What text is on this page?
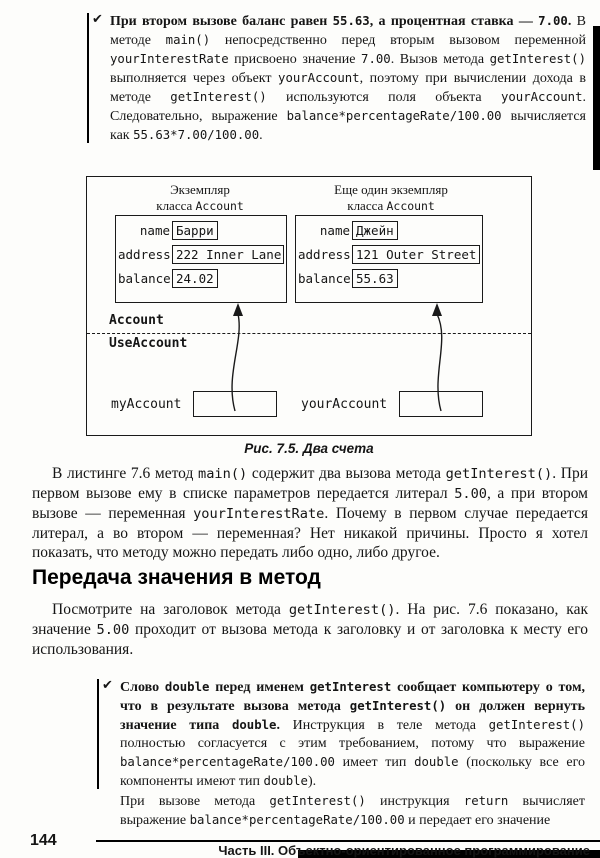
✔ При втором вызове баланс равен 55.63, а процентная ставка — 7.00. В методе main() непосредственно перед вторым вызовом переменной yourInterestRate присвоено значение 7.00. Вызов метода getInterest() выполняется через объект yourAccount, поэтому при вычислении дохода в методе getInterest() используются поля объекта yourAccount. Следовательно, выражение balance*percentageRate/100.00 вычисляется как 55.63*7.00/100.00.
Экземпляр
класса Account
Еще один экземпляр
класса Account
name Барри
address 222 Inner Lane
balance 24.02
name Джейн
address 121 Outer Street
balance 55.63
Account
UseAccount
myAccount	yourAccount
Рис. 7.5. Два счета
В листинге 7.6 метод main() содержит два вызова метода getInterest(). При первом вызове ему в списке параметров передается литерал 5.00, а при втором вызове — переменная yourInterestRate. Почему в первом случае передается литерал, а во втором — переменная? Нет никакой причины. Просто я хотел показать, что методу можно передать либо одно, либо другое.
Передача значения в метод
Посмотрите на заголовок метода getInterest(). На рис. 7.6 показано, как значение 5.00 проходит от вызова метода к заголовку и от заголовка к месту его использования.
✔ Слово double перед именем getInterest сообщает компьютеру о том, что в результате вызова метода getInterest() он должен вернуть значение типа double. Инструкция в теле метода getInterest() полностью согласуется с этим требованием, потому что выражение balance*percentageRate/100.00 имеет тип double (поскольку все его компоненты имеют тип double).
При вызове метода getInterest() инструкция return вычисляет выражение balance*percentageRate/100.00 и передает его значение
144
Часть III. Объектно-ориентированное программирование
